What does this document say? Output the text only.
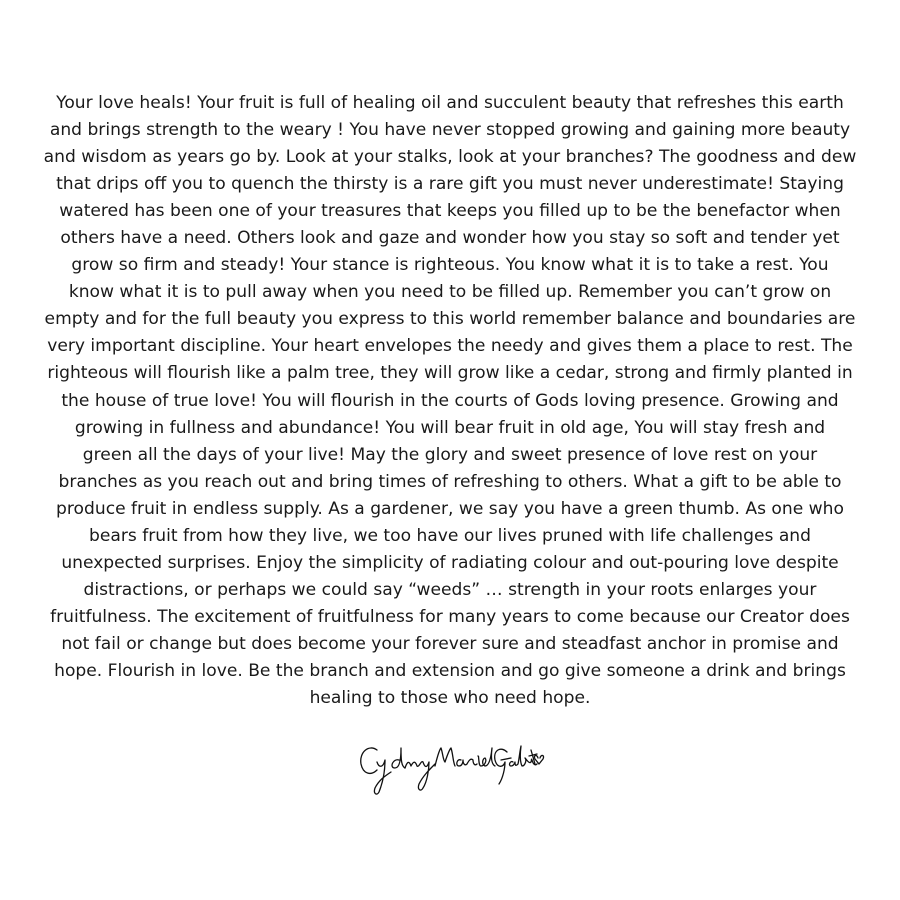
Your love heals! Your fruit is full of healing oil and succulent beauty that refreshes this earth
and brings strength to the weary ! You have never stopped growing and gaining more beauty
and wisdom as years go by. Look at your stalks, look at your branches? The goodness and dew
that drips off you to quench the thirsty is a rare gift you must never underestimate! Staying
watered has been one of your treasures that keeps you filled up to be the benefactor when
others have a need. Others look and gaze and wonder how you stay so soft and tender yet
grow so firm and steady! Your stance is righteous. You know what it is to take a rest. You
know what it is to pull away when you need to be filled up. Remember you can’t grow on
empty and for the full beauty you express to this world remember balance and boundaries are
very important discipline. Your heart envelopes the needy and gives them a place to rest. The
righteous will flourish like a palm tree, they will grow like a cedar, strong and firmly planted in
the house of true love! You will flourish in the courts of Gods loving presence. Growing and
growing in fullness and abundance! You will bear fruit in old age, You will stay fresh and
green all the days of your live! May the glory and sweet presence of love rest on your
branches as you reach out and bring times of refreshing to others. What a gift to be able to
produce fruit in endless supply. As a gardener, we say you have a green thumb. As one who
bears fruit from how they live, we too have our lives pruned with life challenges and
unexpected surprises. Enjoy the simplicity of radiating colour and out-pouring love despite
distractions, or perhaps we could say “weeds” … strength in your roots enlarges your
fruitfulness. The excitement of fruitfulness for many years to come because our Creator does
not fail or change but does become your forever sure and steadfast anchor in promise and
hope. Flourish in love. Be the branch and extension and go give someone a drink and brings
healing to those who need hope.
